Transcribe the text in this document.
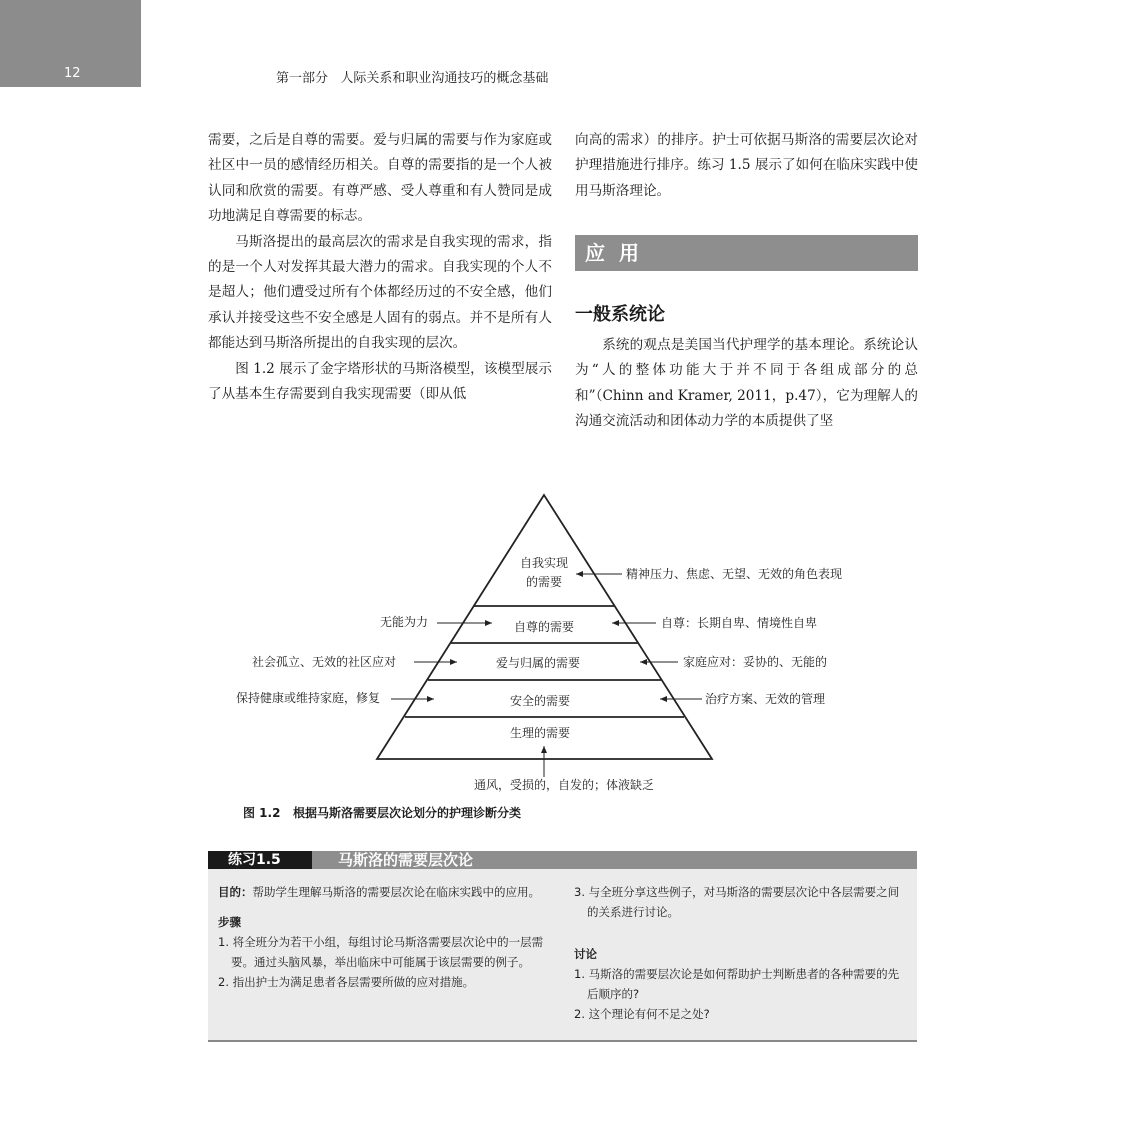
12	第一部分   人际关系和职业沟通技巧的概念基础

需要，之后是自尊的需要。爱与归属的需要与作为家庭或社区中一员的感情经历相关。自尊的需要指的是一个人被认同和欣赏的需要。有尊严感、受人尊重和有人赞同是成功地满足自尊需要的标志。

马斯洛提出的最高层次的需求是自我实现的需求，指的是一个人对发挥其最大潜力的需求。自我实现的个人不是超人；他们遭受过所有个体都经历过的不安全感，他们承认并接受这些不安全感是人固有的弱点。并不是所有人都能达到马斯洛所提出的自我实现的层次。

图 1.2 展示了金字塔形状的马斯洛模型，该模型展示了从基本生存需要到自我实现需要（即从低

向高的需求）的排序。护士可依据马斯洛的需要层次论对护理措施进行排序。练习 1.5 展示了如何在临床实践中使用马斯洛理论。

应用
一般系统论

系统的观点是美国当代护理学的基本理论。系统论认为“人的整体功能大于并不同于各组成部分的总和”（Chinn and Kramer, 2011，p.47），它为理解人的沟通交流活动和团体动力学的本质提供了坚

自我实现
的需要
自尊的需要
爱与归属的需要
安全的需要
生理的需要
精神压力、焦虑、无望、无效的角色表现
无能为力	自尊：长期自卑、情境性自卑
社会孤立、无效的社区应对	家庭应对：妥协的、无能的
保持健康或维持家庭，修复	治疗方案、无效的管理
通风，受损的，自发的；体液缺乏
图 1.2   根据马斯洛需要层次论划分的护理诊断分类
练习1.5	马斯洛的需要层次论

目的：帮助学生理解马斯洛的需要层次论在临床实践中的应用。

步骤

1. 将全班分为若干小组，每组讨论马斯洛需要层次论中的一层需要。通过头脑风暴，举出临床中可能属于该层需要的例子。

2. 指出护士为满足患者各层需要所做的应对措施。

3. 与全班分享这些例子，对马斯洛的需要层次论中各层需要之间的关系进行讨论。

讨论

1. 马斯洛的需要层次论是如何帮助护士判断患者的各种需要的先后顺序的?

2. 这个理论有何不足之处?
